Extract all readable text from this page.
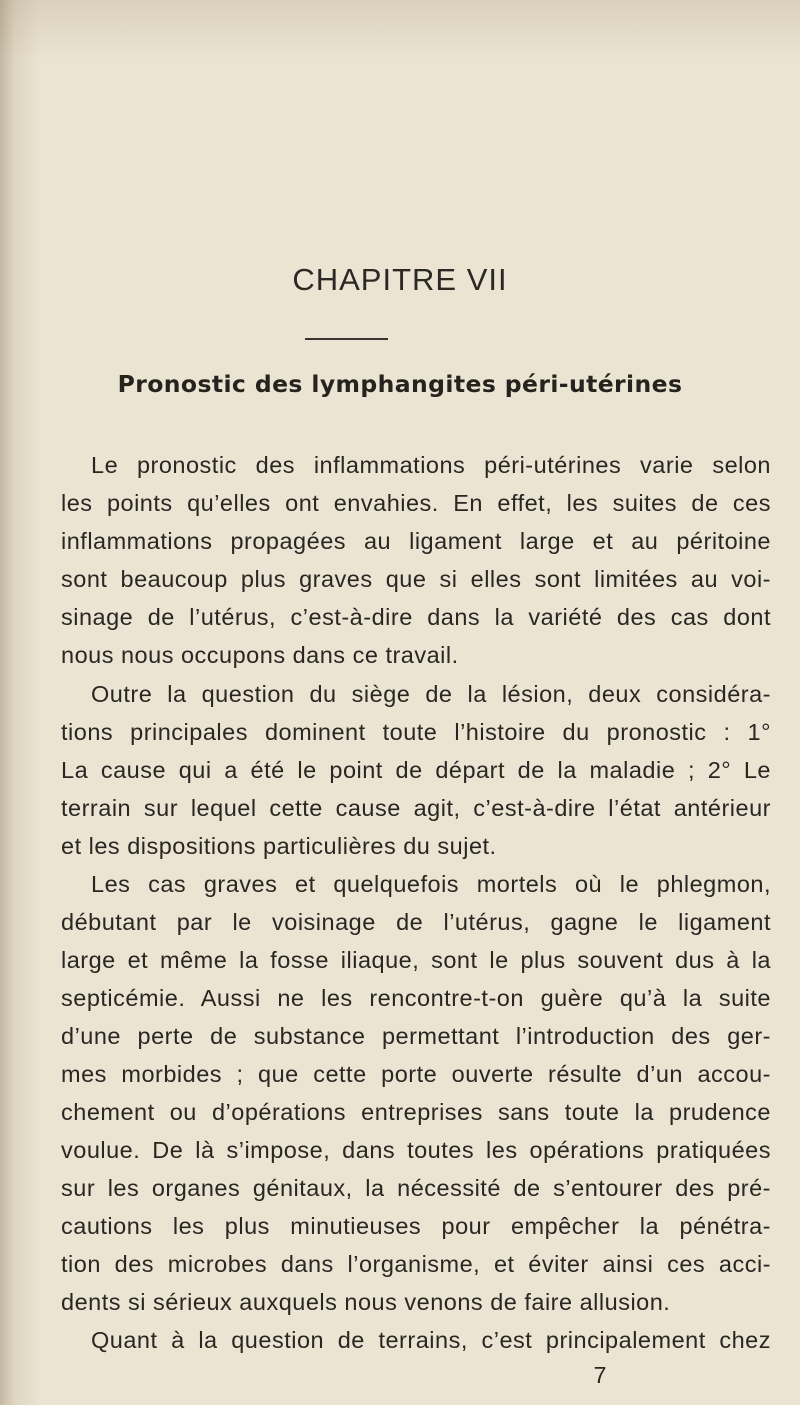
CHAPITRE VII
Pronostic des lymphangites péri-utérines
Le pronostic des inflammations péri-utérines varie selon
les points qu’elles ont envahies. En effet, les suites de ces
inflammations propagées au ligament large et au péritoine
sont beaucoup plus graves que si elles sont limitées au voi-
sinage de l’utérus, c’est-à-dire dans la variété des cas dont
nous nous occupons dans ce travail.
Outre la question du siège de la lésion, deux considéra-
tions principales dominent toute l’histoire du pronostic : 1°
La cause qui a été le point de départ de la maladie ; 2° Le
terrain sur lequel cette cause agit, c’est-à-dire l’état antérieur
et les dispositions particulières du sujet.
Les cas graves et quelquefois mortels où le phlegmon,
débutant par le voisinage de l’utérus, gagne le ligament
large et même la fosse iliaque, sont le plus souvent dus à la
septicémie. Aussi ne les rencontre-t-on guère qu’à la suite
d’une perte de substance permettant l’introduction des ger-
mes morbides ; que cette porte ouverte résulte d’un accou-
chement ou d’opérations entreprises sans toute la prudence
voulue. De là s’impose, dans toutes les opérations pratiquées
sur les organes génitaux, la nécessité de s’entourer des pré-
cautions les plus minutieuses pour empêcher la pénétra-
tion des microbes dans l’organisme, et éviter ainsi ces acci-
dents si sérieux auxquels nous venons de faire allusion.
Quant à la question de terrains, c’est principalement chez
7
